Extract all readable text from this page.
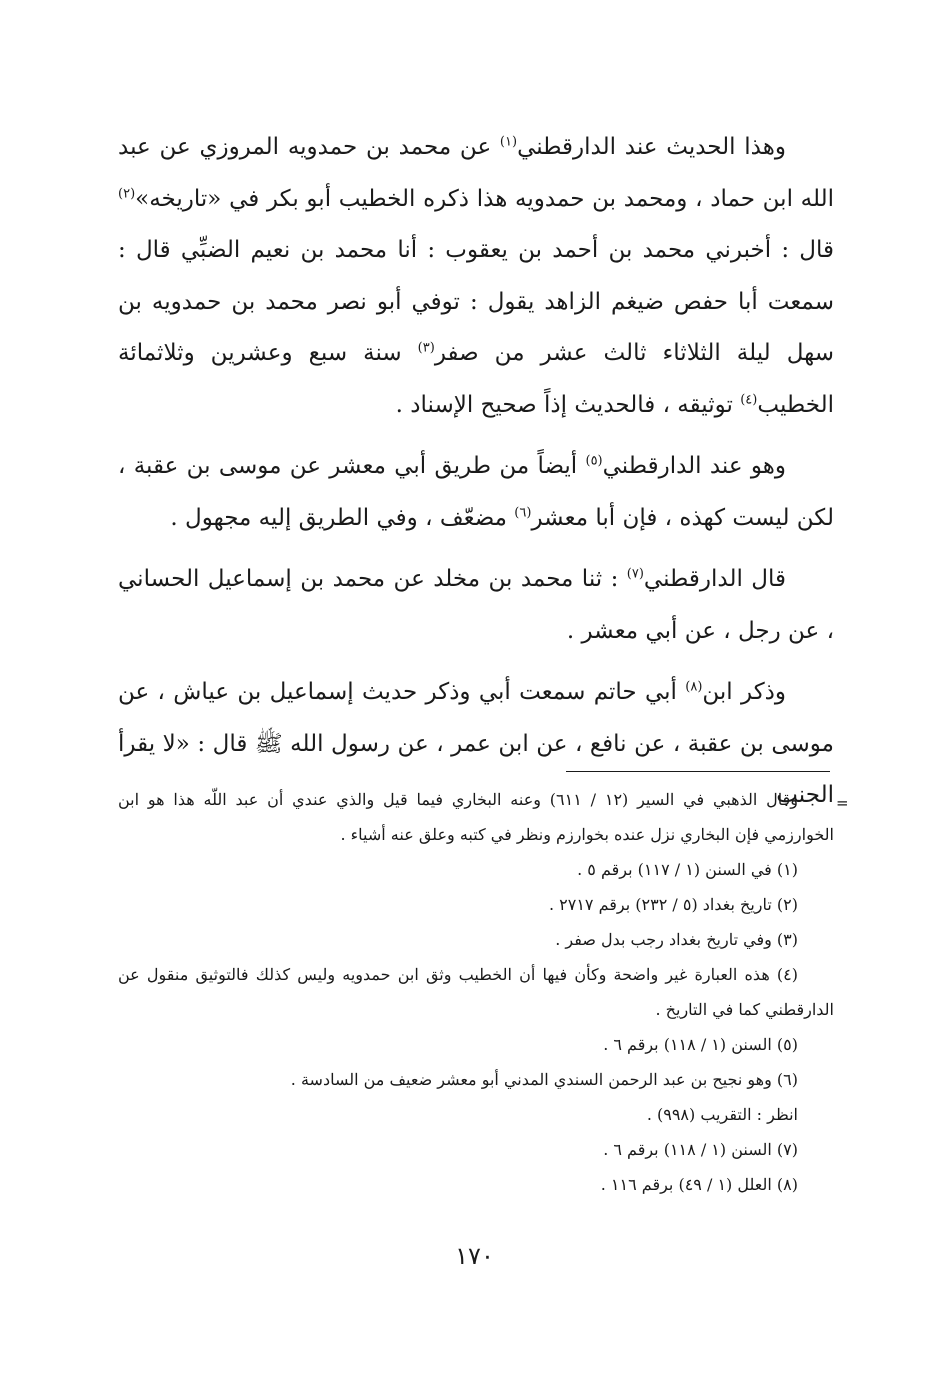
وهذا الحديث عند الدارقطني$^{(١)}$ عن محمد بن حمدويه المروزي عن عبد الله ابن حماد ، ومحمد بن حمدويه هذا ذكره الخطيب أبو بكر في «تاريخه»$^{(٢)}$ قال : أخبرني محمد بن أحمد بن يعقوب : أنا محمد بن نعيم الضبِّي قال : سمعت أبا حفص ضيغم الزاهد يقول : توفي أبو نصر محمد بن حمدويه بن سهل ليلة الثلاثاء ثالث عشر من صفر$^{(٣)}$ سنة سبع وعشرين وثلاثمائة الخطيب$^{(٤)}$ توثيقه ، فالحديث إذاً صحيح الإسناد .

وهو عند الدارقطني$^{(٥)}$ أيضاً من طريق أبي معشر عن موسى بن عقبة ، لكن ليست كهذه ، فإن أبا معشر$^{(٦)}$ مضعّف ، وفي الطريق إليه مجهول .

قال الدارقطني$^{(٧)}$ : ثنا محمد بن مخلد عن محمد بن إسماعيل الحساني ، عن رجل ، عن أبي معشر .

وذكر ابن$^{(٨)}$ أبي حاتم سمعت أبي وذكر حديث إسماعيل بن عياش ، عن موسى بن عقبة ، عن نافع ، عن ابن عمر ، عن رسول الله ﷺ قال : «لا يقرأ الجنب =
وقال الذهبي في السير (١٢ / ٦١١) وعنه البخاري فيما قيل والذي عندي أن عبد اللّه هذا هو ابن الخوارزمي فإن البخاري نزل عنده بخوارزم ونظر في كتبه وعلق عنه أشياء .
(١) في السنن (١ / ١١٧) برقم ٥ .
(٢) تاريخ بغداد (٥ / ٢٣٢) برقم ٢٧١٧ .
(٣) وفي تاريخ بغداد رجب بدل صفر .
(٤) هذه العبارة غير واضحة وكأن فيها أن الخطيب وثق ابن حمدويه وليس كذلك فالتوثيق منقول عن الدارقطني كما في التاريخ .
(٥) السنن (١ / ١١٨) برقم ٦ .
(٦) وهو نجيح بن عبد الرحمن السندي المدني أبو معشر ضعيف من السادسة .
انظر : التقريب (٩٩٨) .
(٧) السنن (١ / ١١٨) برقم ٦ .
(٨) العلل (١ / ٤٩) برقم ١١٦ .
١٧٠
